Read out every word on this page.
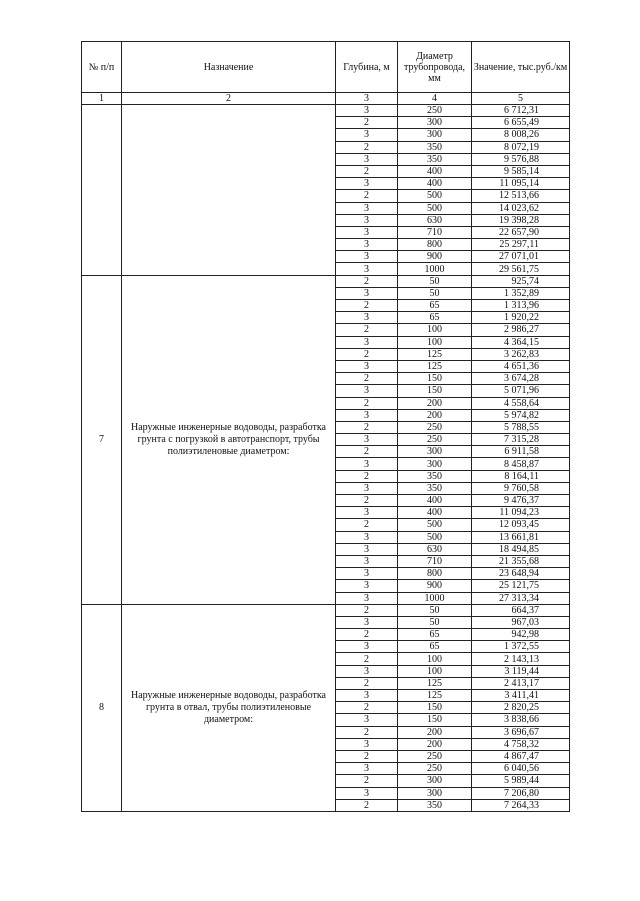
№ п/п	Назначение	Глубина, м	Диаметр трубопровода, мм	Значение, тыс.руб./км
1	2	3	4	5
		3	250	6 712,31
		2	300	6 655,49
		3	300	8 008,26
		2	350	8 072,19
		3	350	9 576,88
		2	400	9 585,14
		3	400	11 095,14
		2	500	12 513,66
		3	500	14 023,62
		3	630	19 398,28
		3	710	22 657,90
		3	800	25 297,11
		3	900	27 071,01
		3	1000	29 561,75
7	Наружные инженерные водоводы, разработка грунта с погрузкой в автотранспорт, трубы полиэтиленовые диаметром:	2	50	925,74
		3	50	1 352,89
		2	65	1 313,96
		3	65	1 920,22
		2	100	2 986,27
		3	100	4 364,15
		2	125	3 262,83
		3	125	4 651,36
		2	150	3 674,28
		3	150	5 071,96
		2	200	4 558,64
		3	200	5 974,82
		2	250	5 788,55
		3	250	7 315,28
		2	300	6 911,58
		3	300	8 458,87
		2	350	8 164,11
		3	350	9 760,58
		2	400	9 476,37
		3	400	11 094,23
		2	500	12 093,45
		3	500	13 661,81
		3	630	18 494,85
		3	710	21 355,68
		3	800	23 648,94
		3	900	25 121,75
		3	1000	27 313,34
8	Наружные инженерные водоводы, разработка грунта в отвал, трубы полиэтиленовые диаметром:	2	50	664,37
		3	50	967,03
		2	65	942,98
		3	65	1 372,55
		2	100	2 143,13
		3	100	3 119,44
		2	125	2 413,17
		3	125	3 411,41
		2	150	2 820,25
		3	150	3 838,66
		2	200	3 696,67
		3	200	4 758,32
		2	250	4 867,47
		3	250	6 040,56
		2	300	5 989,44
		3	300	7 206,80
		2	350	7 264,33
